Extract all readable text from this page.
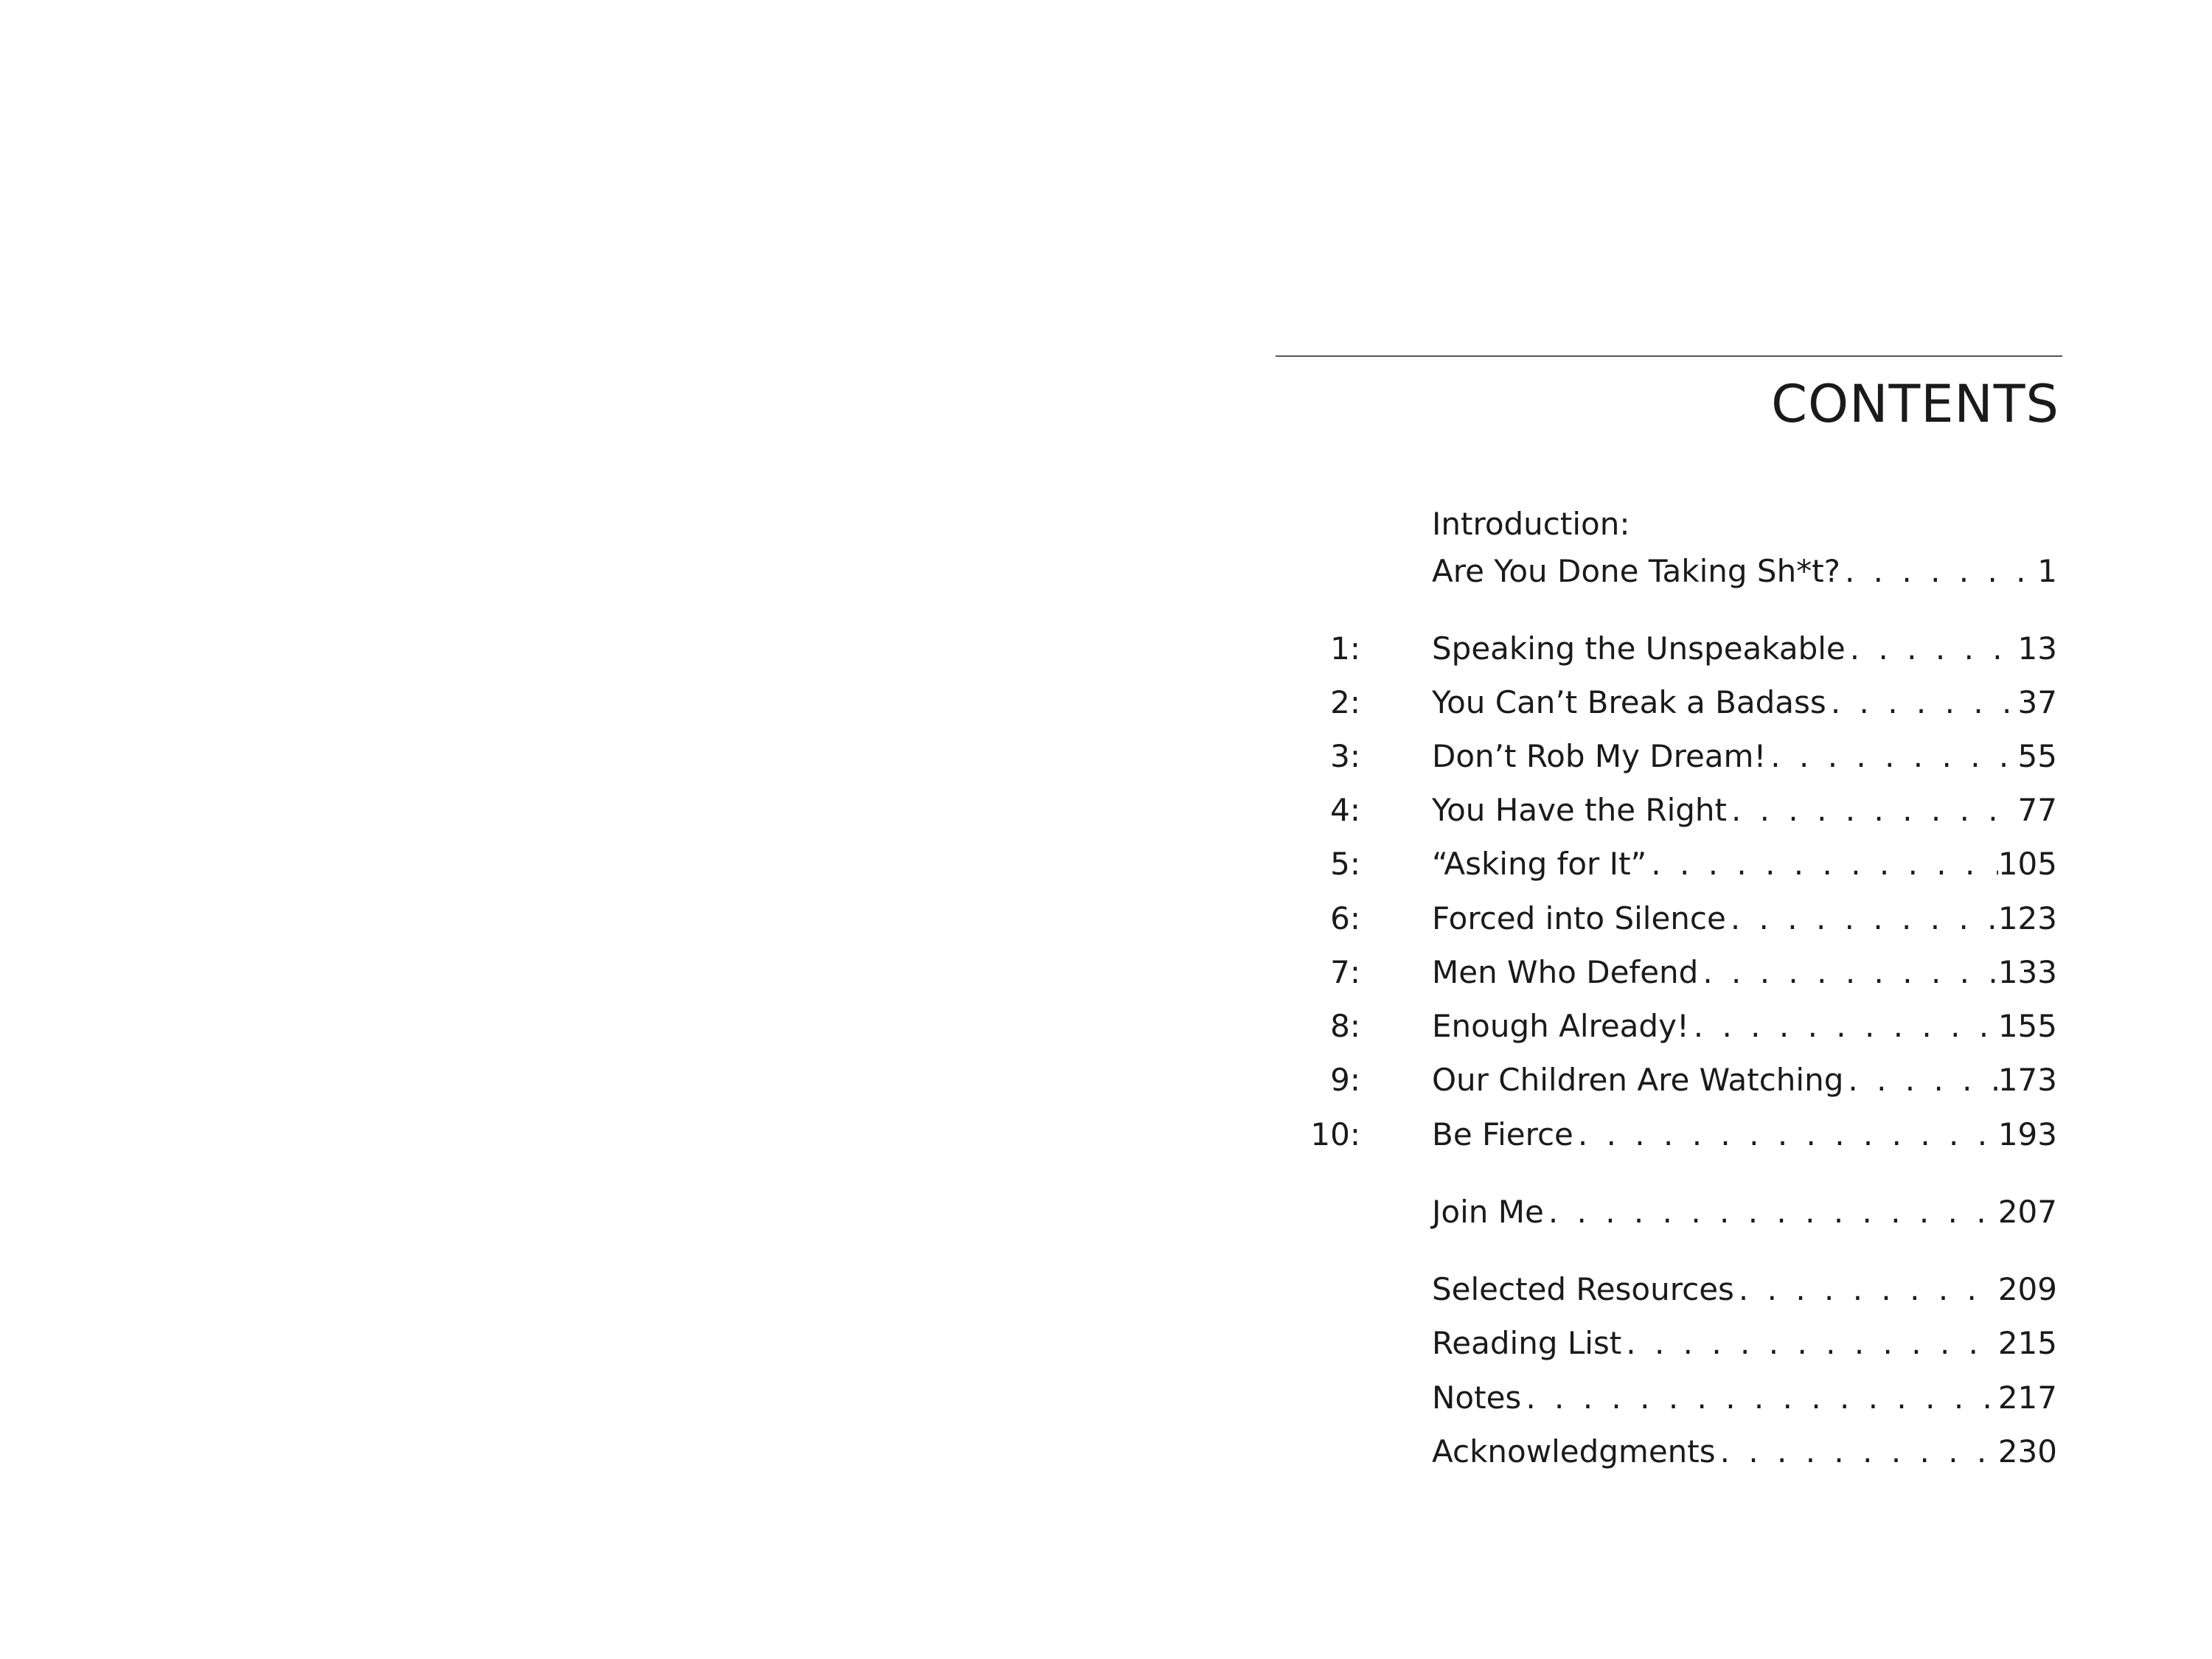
CONTENTS
Introduction:
Are You Done Taking Sh*t? . . .	1
1: Speaking the Unspeakable . . .	13
2: You Can’t Break a Badass . . .	37
3: Don’t Rob My Dream! . . .	55
4: You Have the Right . . .	77
5: “Asking for It” . . .	105
6: Forced into Silence . . .	123
7: Men Who Defend . . .	133
8: Enough Already! . . .	155
9: Our Children Are Watching . . .	173
10: Be Fierce . . .	193
Join Me . . .	207
Selected Resources . . .	209
Reading List . . .	215
Notes . . .	217
Acknowledgments . . .	230
